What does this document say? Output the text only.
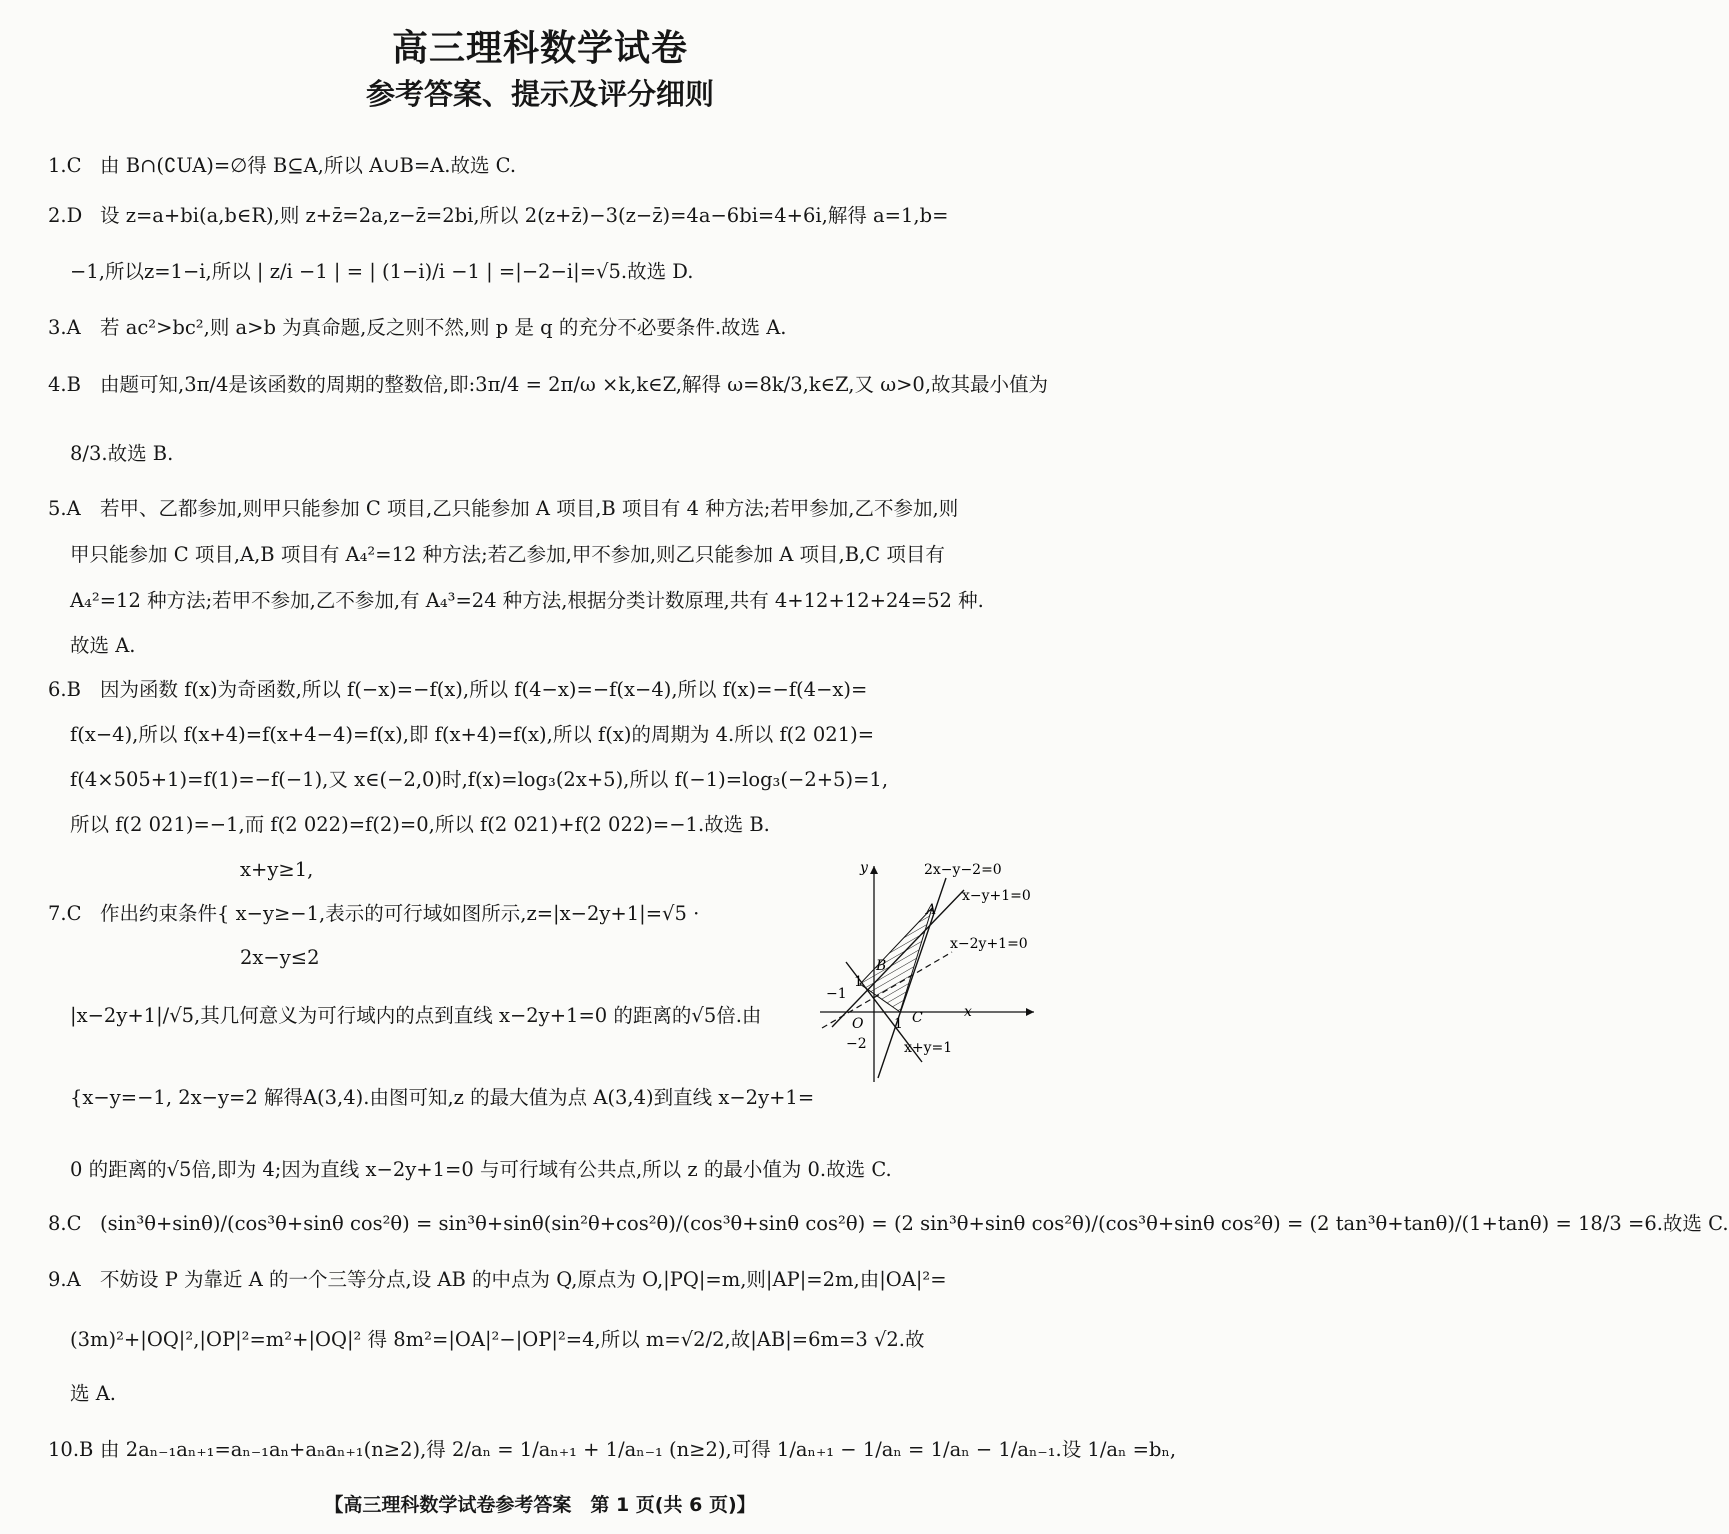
高三理科数学试卷
参考答案、提示及评分细则
1.C 由 B∩(∁UA)=∅得 B⊆A,所以 A∪B=A.故选 C.
2.D 设 z=a+bi(a,b∈R),则 z+z̄=2a,z−z̄=2bi,所以 2(z+z̄)−3(z−z̄)=4a−6bi=4+6i,解得 a=1,b=
−1,所以z=1−i,所以 | z/i −1 | = | (1−i)/i −1 | =|−2−i|=√5.故选 D.
3.A 若 ac²>bc²,则 a>b 为真命题,反之则不然,则 p 是 q 的充分不必要条件.故选 A.
4.B 由题可知,3π/4是该函数的周期的整数倍,即:3π/4 = 2π/ω ×k,k∈Z,解得 ω=8k/3,k∈Z,又 ω>0,故其最小值为
8/3.故选 B.
5.A 若甲、乙都参加,则甲只能参加 C 项目,乙只能参加 A 项目,B 项目有 4 种方法;若甲参加,乙不参加,则
甲只能参加 C 项目,A,B 项目有 A₄²=12 种方法;若乙参加,甲不参加,则乙只能参加 A 项目,B,C 项目有
A₄²=12 种方法;若甲不参加,乙不参加,有 A₄³=24 种方法,根据分类计数原理,共有 4+12+12+24=52 种.
故选 A.
6.B 因为函数 f(x)为奇函数,所以 f(−x)=−f(x),所以 f(4−x)=−f(x−4),所以 f(x)=−f(4−x)=
f(x−4),所以 f(x+4)=f(x+4−4)=f(x),即 f(x+4)=f(x),所以 f(x)的周期为 4.所以 f(2 021)=
f(4×505+1)=f(1)=−f(−1),又 x∈(−2,0)时,f(x)=log₃(2x+5),所以 f(−1)=log₃(−2+5)=1,
所以 f(2 021)=−1,而 f(2 022)=f(2)=0,所以 f(2 021)+f(2 022)=−1.故选 B.
x+y≥1,
7.C 作出约束条件{ x−y≥−1,表示的可行域如图所示,z=|x−2y+1|=√5 ·
2x−y≤2
|x−2y+1|/√5,其几何意义为可行域内的点到直线 x−2y+1=0 的距离的√5倍.由
{x−y=−1, 2x−y=2 解得A(3,4).由图可知,z 的最大值为点 A(3,4)到直线 x−2y+1=
0 的距离的√5倍,即为 4;因为直线 x−2y+1=0 与可行域有公共点,所以 z 的最小值为 0.故选 C.
y
x
O
A
B
C
1
1
−1
−2
2x−y−2=0
x−y+1=0
x−2y+1=0
x+y=1
8.C (sin³θ+sinθ)/(cos³θ+sinθ cos²θ) = sin³θ+sinθ(sin²θ+cos²θ)/(cos³θ+sinθ cos²θ) = (2 sin³θ+sinθ cos²θ)/(cos³θ+sinθ cos²θ) = (2 tan³θ+tanθ)/(1+tanθ) = 18/3 =6.故选 C.
9.A 不妨设 P 为靠近 A 的一个三等分点,设 AB 的中点为 Q,原点为 O,|PQ|=m,则|AP|=2m,由|OA|²=
(3m)²+|OQ|²,|OP|²=m²+|OQ|² 得 8m²=|OA|²−|OP|²=4,所以 m=√2/2,故|AB|=6m=3 √2.故
选 A.
10.B 由 2aₙ₋₁aₙ₊₁=aₙ₋₁aₙ+aₙaₙ₊₁(n≥2),得 2/aₙ = 1/aₙ₊₁ + 1/aₙ₋₁ (n≥2),可得 1/aₙ₊₁ − 1/aₙ = 1/aₙ − 1/aₙ₋₁.设 1/aₙ =bₙ,
【高三理科数学试卷参考答案　第 1 页(共 6 页)】
